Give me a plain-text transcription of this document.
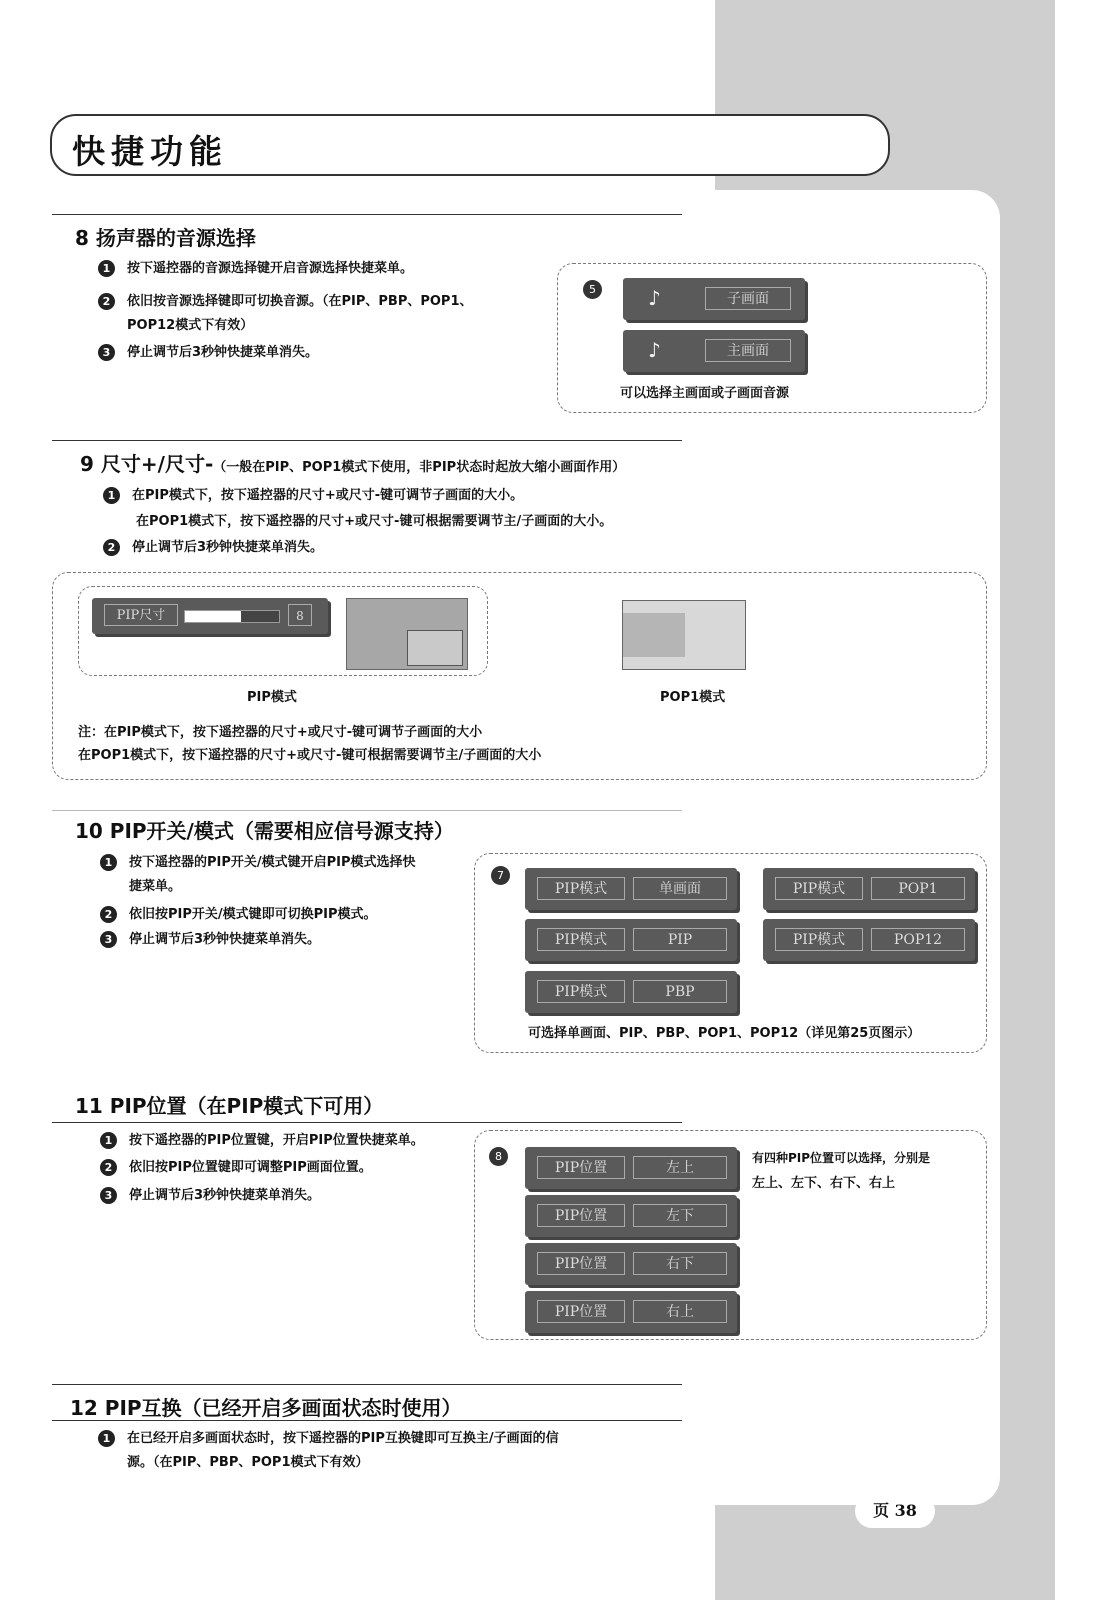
快捷功能
8 扬声器的音源选择
1 按下遥控器的音源选择键开启音源选择快捷菜单。
2 依旧按音源选择键即可切换音源。（在PIP、PBP、POP1、
POP12模式下有效）
3 停止调节后3秒钟快捷菜单消失。
5	♪	子画面
♪	主画面
可以选择主画面或子画面音源
9 尺寸+/尺寸-（一般在PIP、POP1模式下使用，非PIP状态时起放大缩小画面作用）
1 在PIP模式下，按下遥控器的尺寸+或尺寸-键可调节子画面的大小。
在POP1模式下，按下遥控器的尺寸+或尺寸-键可根据需要调节主/子画面的大小。
2 停止调节后3秒钟快捷菜单消失。
PIP尺寸	8
PIP模式	POP1模式
注：在PIP模式下，按下遥控器的尺寸+或尺寸-键可调节子画面的大小
在POP1模式下，按下遥控器的尺寸+或尺寸-键可根据需要调节主/子画面的大小
10 PIP开关/模式（需要相应信号源支持）
1 按下遥控器的PIP开关/模式键开启PIP模式选择快
捷菜单。
2 依旧按PIP开关/模式键即可切换PIP模式。
3 停止调节后3秒钟快捷菜单消失。
7
PIP模式	单画面	PIP模式	POP1
PIP模式	PIP	PIP模式	POP12
PIP模式	PBP
可选择单画面、PIP、PBP、POP1、POP12（详见第25页图示）
11 PIP位置（在PIP模式下可用）
1 按下遥控器的PIP位置键，开启PIP位置快捷菜单。
2 依旧按PIP位置键即可调整PIP画面位置。
3 停止调节后3秒钟快捷菜单消失。
8
PIP位置	左上
PIP位置	左下
PIP位置	右下
PIP位置	右上
有四种PIP位置可以选择，分别是
左上、左下、右下、右上
12 PIP互换（已经开启多画面状态时使用）
1 在已经开启多画面状态时，按下遥控器的PIP互换键即可互换主/子画面的信
源。（在PIP、PBP、POP1模式下有效）
页 38
